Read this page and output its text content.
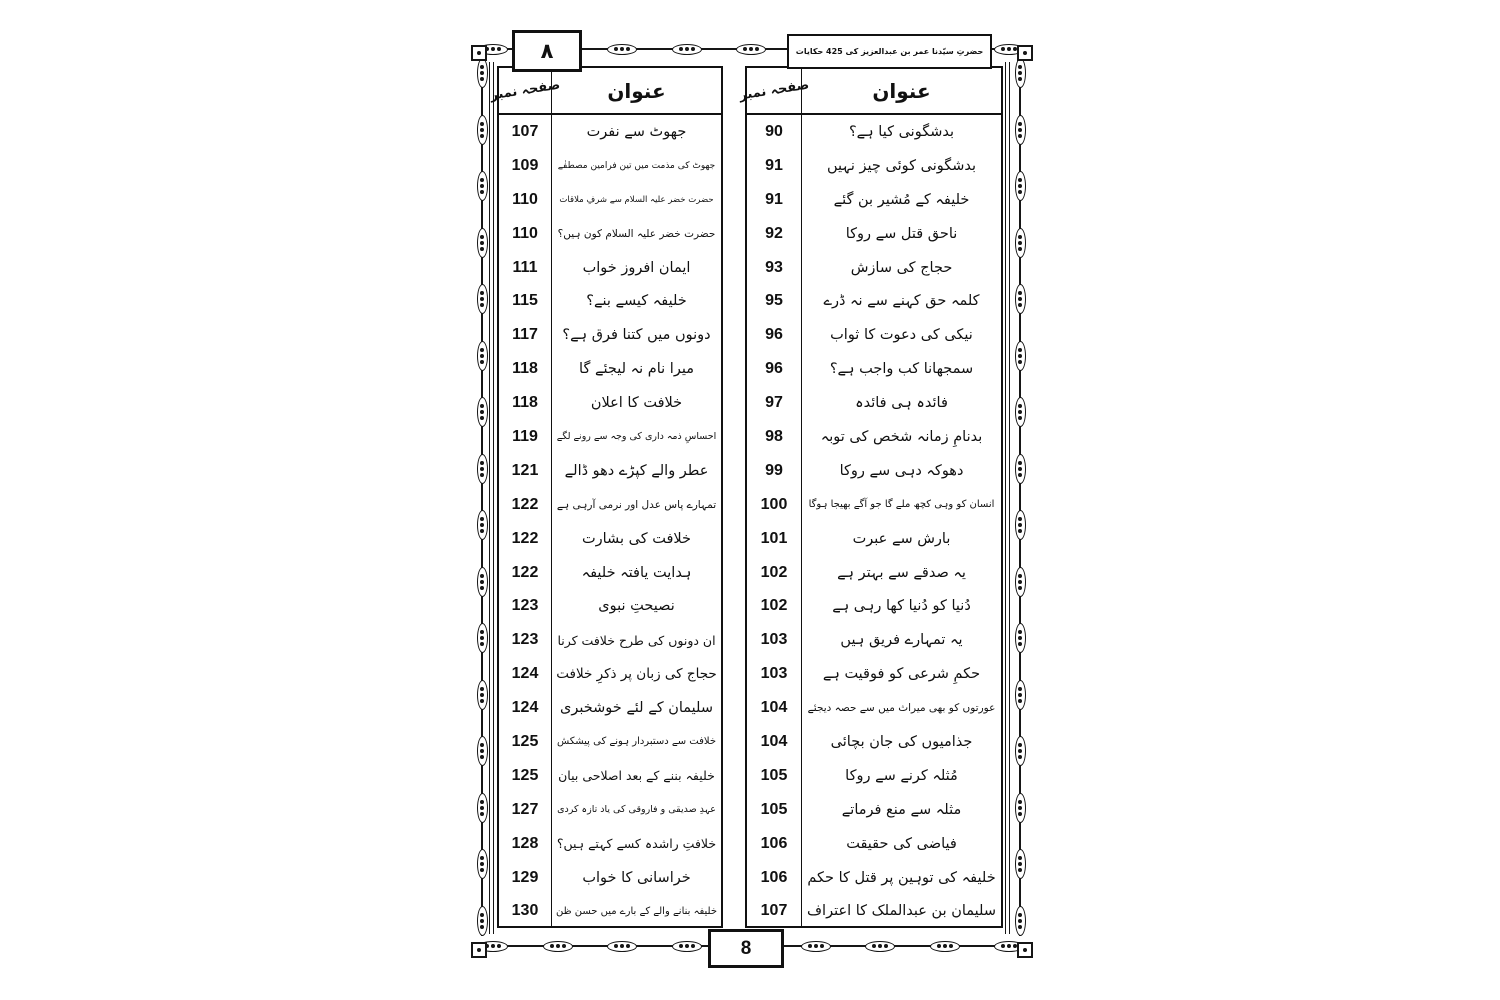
۸	حضرتِ سیّدنا عمر بن عبدالعزیز کی 425 حکایات
صفحہ نمبر عنوان
107	جھوٹ سے نفرت
109	جھوٹ کی مذمت میں تین فرامین مصطفٰے
110	حضرت خضر علیہ السلام سے شرفِ ملاقات
110	حضرت خضر علیہ السلام کون ہیں؟
111	ایمان افروز خواب
115	خلیفہ کیسے بنے؟
117	دونوں میں کتنا فرق ہے؟
118	میرا نام نہ لیجئے گا
118	خلافت کا اعلان
119	احساسِ ذمہ داری کی وجہ سے رونے لگے
121	عطر والے کپڑے دھو ڈالے
122	تمہارے پاس عدل اور نرمی آرہی ہے
122	خلافت کی بشارت
122	ہدایت یافتہ خلیفہ
123	نصیحتِ نبوی
123	ان دونوں کی طرح خلافت کرنا
124	حجاج کی زبان پر ذکرِ خلافت
124	سلیمان کے لئے خوشخبری
125	خلافت سے دستبردار ہونے کی پیشکش
125	خلیفہ بننے کے بعد اصلاحی بیان
127	عہدِ صدیقی و فاروقی کی یاد تازہ کردی
128	خلافتِ راشدہ کسے کہتے ہیں؟
129	خراسانی کا خواب
130	خلیفہ بنانے والے کے بارے میں حسن ظن
صفحہ نمبر	عنوان
90	بدشگونی کیا ہے؟
91	بدشگونی کوئی چیز نہیں
91	خلیفہ کے مُشیر بن گئے
92	ناحق قتل سے روکا
93	حجاج کی سازش
95	کلمہ حق کہنے سے نہ ڈرے
96	نیکی کی دعوت کا ثواب
96	سمجھانا کب واجب ہے؟
97	فائدہ ہی فائدہ
98	بدنامِ زمانہ شخص کی توبہ
99	دھوکہ دہی سے روکا
100	انسان کو وہی کچھ ملے گا جو آگے بھیجا ہوگا
101	بارش سے عبرت
102	یہ صدقے سے بہتر ہے
102	دُنیا کو دُنیا کھا رہی ہے
103	یہ تمہارے فریق ہیں
103	حکمِ شرعی کو فوقیت ہے
104	عورتوں کو بھی میراث میں سے حصہ دیجئے
104	جذامیوں کی جان بچائی
105	مُثلہ کرنے سے روکا
105	مثلہ سے منع فرماتے
106	فیاضی کی حقیقت
106	خلیفہ کی توہین پر قتل کا حکم
107	سلیمان بن عبدالملک کا اعتراف
8
